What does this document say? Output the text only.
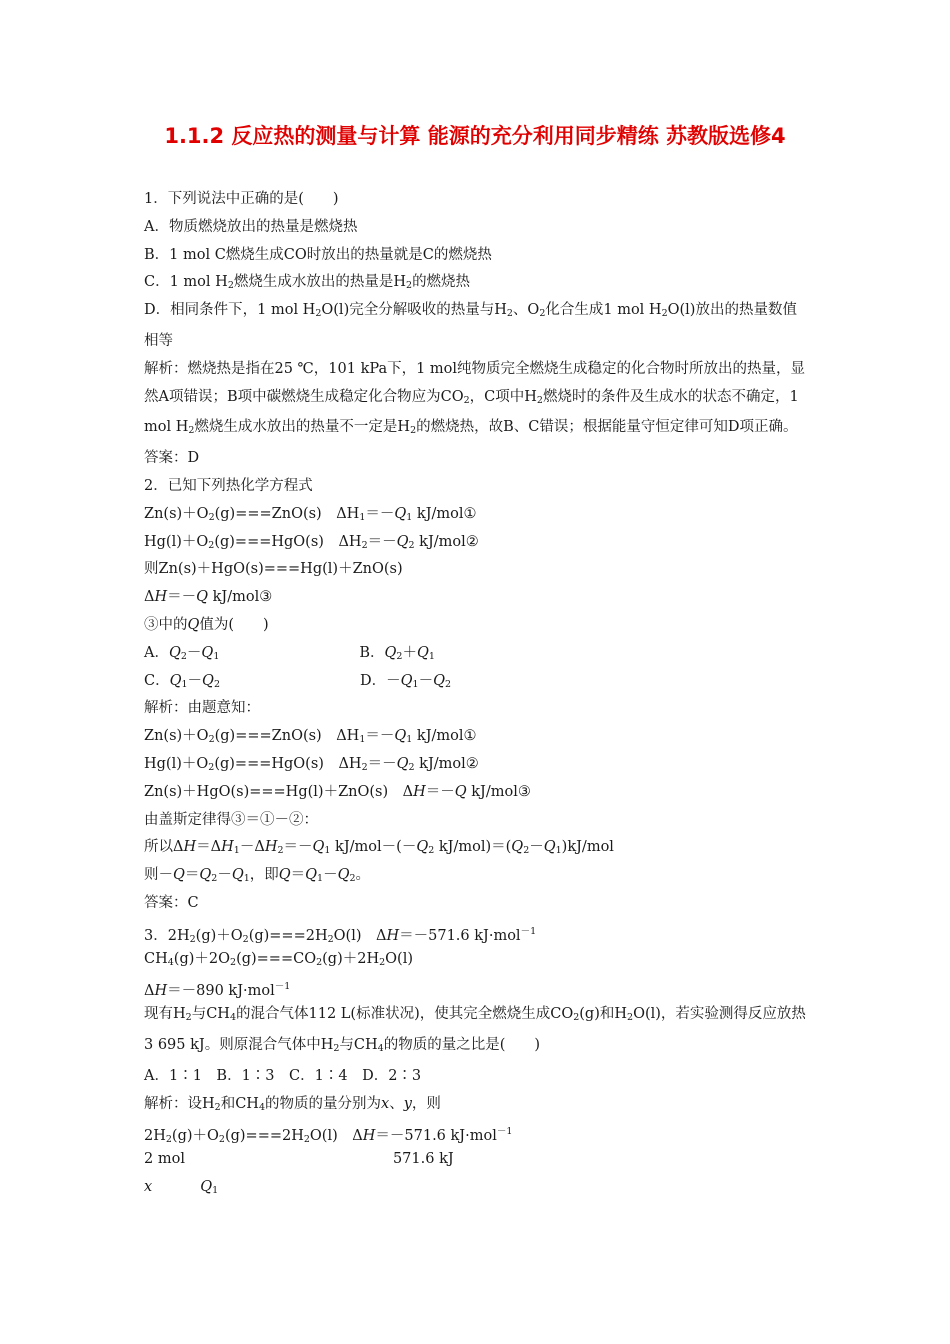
1.1.2 反应热的测量与计算 能源的充分利用同步精练 苏教版选修4
1．下列说法中正确的是(　　)
A．物质燃烧放出的热量是燃烧热
B．1 mol C燃烧生成CO时放出的热量就是C的燃烧热
C．1 mol $H_2$燃烧生成水放出的热量是$H_2$的燃烧热
D．相同条件下，1 mol $H_2O(l)$完全分解吸收的热量与$H_2$、$O_2$化合生成1 mol $H_2O(l)$放出的热量数值相等
解析：燃烧热是指在25 ℃，101 kPa下，1 mol纯物质完全燃烧生成稳定的化合物时所放出的热量，显然A项错误；B项中碳燃烧生成稳定化合物应为$CO_2$，C项中$H_2$燃烧时的条件及生成水的状态不确定，1 mol $H_2$燃烧生成水放出的热量不一定是$H_2$的燃烧热，故B、C错误；根据能量守恒定律可知D项正确。
答案：D
2．已知下列热化学方程式
$Zn(s)+O_2(g)===ZnO(s)$　$\Delta H_1=-Q_1$ kJ/mol①
$Hg(l)+O_2(g)===HgO(s)$　$\Delta H_2=-Q_2$ kJ/mol②
则Zn(s)＋HgO(s)===Hg(l)＋ZnO(s)
ΔH＝－Q kJ/mol③
③中的Q值为(　　)
A．$Q_2-Q_1$	B．$Q_2+Q_1$
C．$Q_1-Q_2$	D．$-Q_1-Q_2$
解析：由题意知：
$Zn(s)+O_2(g)===ZnO(s)$　$\Delta H_1=-Q_1$ kJ/mol①
$Hg(l)+O_2(g)===HgO(s)$　$\Delta H_2=-Q_2$ kJ/mol②
Zn(s)＋HgO(s)===Hg(l)＋ZnO(s)　ΔH＝－Q kJ/mol③
由盖斯定律得③＝①－②：
所以$\Delta H=\Delta H_1-\Delta H_2=-Q_1$ $kJ/mol-(-Q_2$ $kJ/mol)=(Q_2-Q_1)kJ$/mol
则$-Q=Q_2-Q_1$，即$Q=Q_1-Q_2$。
答案：C
3．$2H_2(g)+O_2(g)===2H_2O(l)$　ΔH＝－571.6 kJ·mol$^{-1}$
$CH_4(g)+2O_2(g)===CO_2(g)+2H_2O(l)$
ΔH＝－890 kJ·mol$^{-1}$
现有$H_2$与$CH_4$的混合气体112 L(标准状况)，使其完全燃烧生成$CO_2(g)$和$H_2O(l)$，若实验测得反应放热3 695 kJ。则原混合气体中$H_2$与$CH_4$的物质的量之比是(　　)
A．1∶1　B．1∶3　C．1∶4　D．2∶3
解析：设$H_2$和$CH_4$的物质的量分别为x、y，则
$2H_2(g)+O_2(g)===2H_2O(l)$　ΔH＝－571.6 kJ·mol$^{-1}$
2 mol	571.6 kJ
x	$Q_1$
